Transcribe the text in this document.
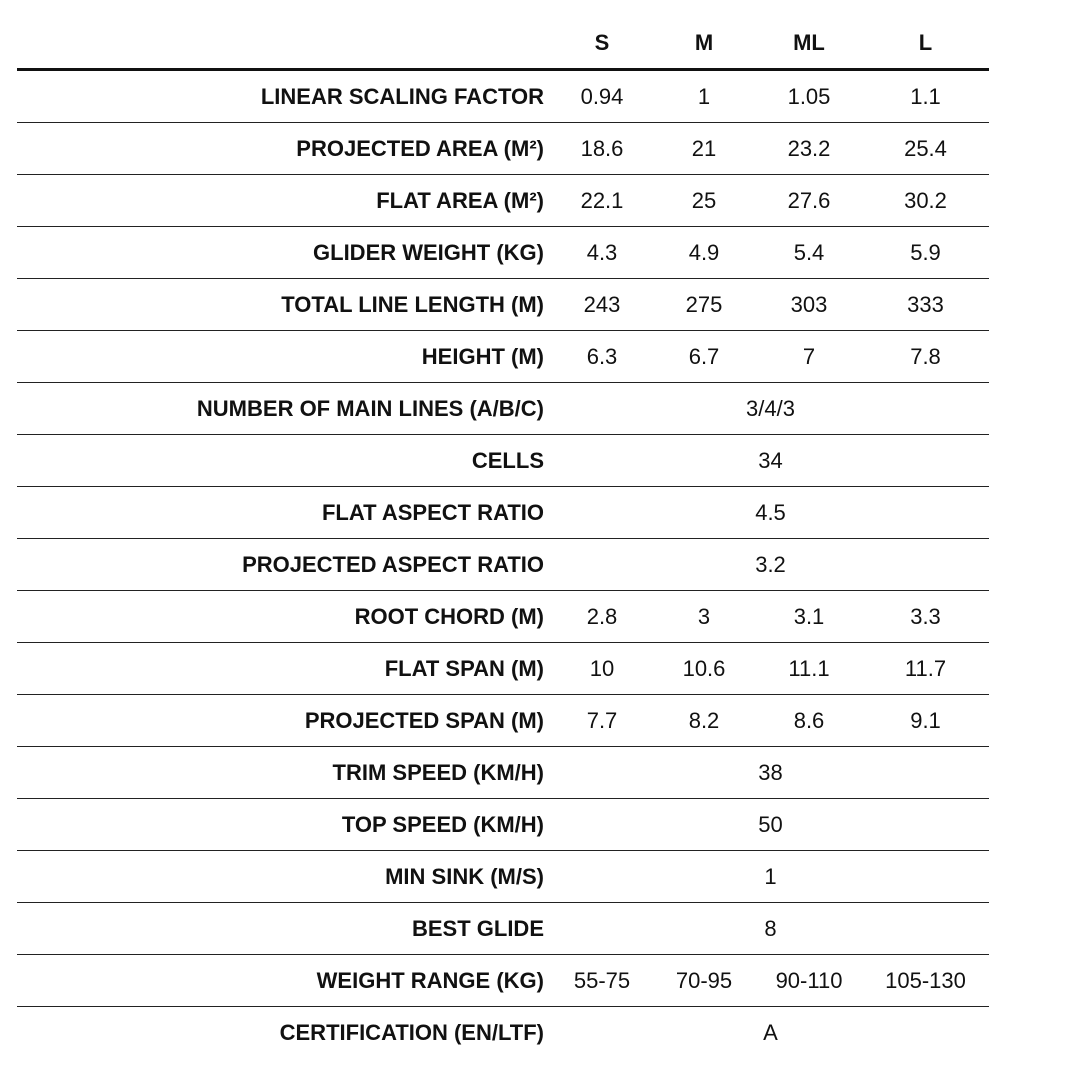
	S	M	ML	L
LINEAR SCALING FACTOR	0.94	1	1.05	1.1
PROJECTED AREA (M²)	18.6	21	23.2	25.4
FLAT AREA (M²)	22.1	25	27.6	30.2
GLIDER WEIGHT (KG)	4.3	4.9	5.4	5.9
TOTAL LINE LENGTH (M)	243	275	303	333
HEIGHT (M)	6.3	6.7	7	7.8
NUMBER OF MAIN LINES (A/B/C)	3/4/3			
CELLS	34			
FLAT ASPECT RATIO	4.5			
PROJECTED ASPECT RATIO	3.2			
ROOT CHORD (M)	2.8	3	3.1	3.3
FLAT SPAN (M)	10	10.6	11.1	11.7
PROJECTED SPAN (M)	7.7	8.2	8.6	9.1
TRIM SPEED (KM/H)	38			
TOP SPEED (KM/H)	50			
MIN SINK (M/S)	1			
BEST GLIDE	8			
WEIGHT RANGE (KG)	55-75	70-95	90-110	105-130
CERTIFICATION (EN/LTF)	A			
